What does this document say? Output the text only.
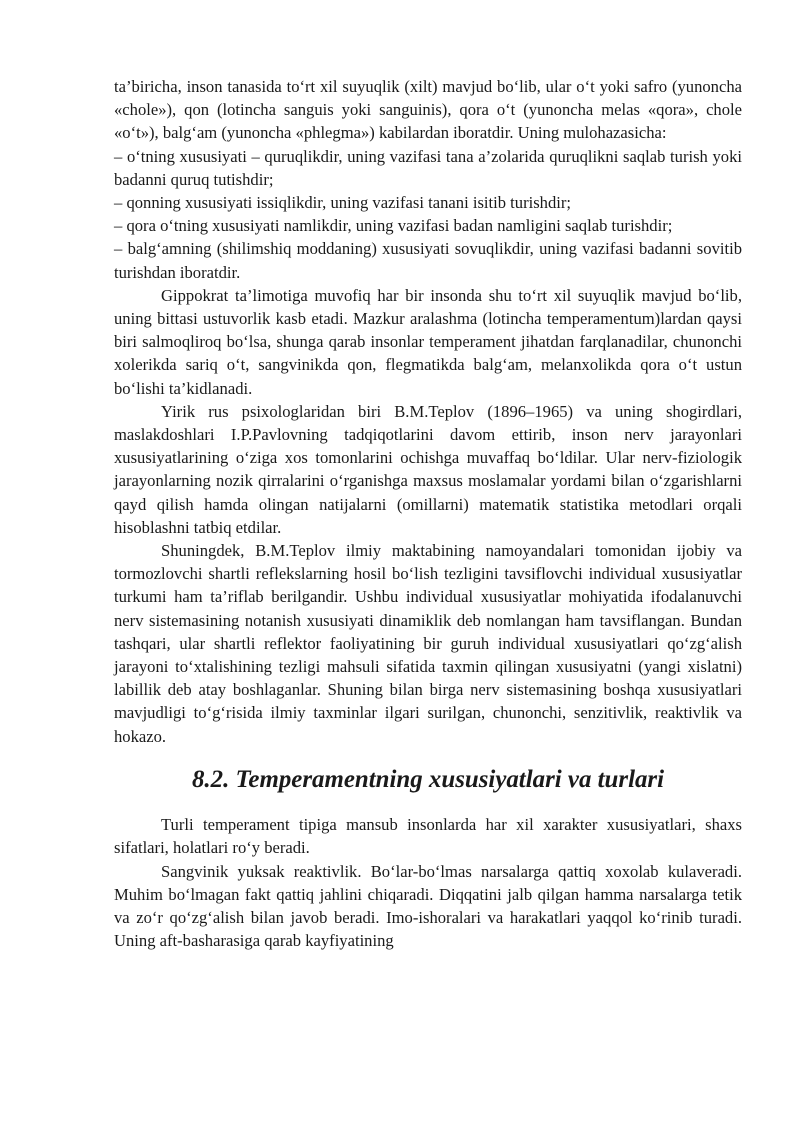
ta’biricha, inson tanasida to‘rt xil suyuqlik (xilt) mavjud bo‘lib, ular o‘t yoki safro (yunoncha «chole»), qon (lotincha sanguis yoki sanguinis), qora o‘t (yunoncha melas «qora», chole «o‘t»), balg‘am (yunoncha «phlegma») kabilardan iboratdir. Uning mulohazasicha:

– o‘tning xususiyati – quruqlikdir, uning vazifasi tana a’zolarida quruqlikni saqlab turish yoki badanni quruq tutishdir;

– qonning xususiyati issiqlikdir, uning vazifasi tanani isitib turishdir;

– qora o‘tning xususiyati namlikdir, uning vazifasi badan namligini saqlab turishdir;

– balg‘amning (shilimshiq moddaning) xususiyati sovuqlikdir, uning vazifasi badanni sovitib turishdan iboratdir.

Gippokrat ta’limotiga muvofiq har bir insonda shu to‘rt xil suyuqlik mavjud bo‘lib, uning bittasi ustuvorlik kasb etadi. Mazkur aralashma (lotincha temperamentum)lardan qaysi biri salmoqliroq bo‘lsa, shunga qarab insonlar temperament jihatdan farqlanadilar, chunonchi xolerikda sariq o‘t, sangvinikda qon, flegmatikda balg‘am, melanxolikda qora o‘t ustun bo‘lishi ta’kidlanadi.

Yirik rus psixologlaridan biri B.M.Teplov (1896–1965) va uning shogirdlari, maslakdoshlari I.P.Pavlovning tadqiqotlarini davom ettirib, inson nerv jarayonlari xususiyatlarining o‘ziga xos tomonlarini ochishga muvaffaq bo‘ldilar. Ular nerv-fiziologik jarayonlarning nozik qirralarini o‘rganishga maxsus moslamalar yordami bilan o‘zgarishlarni qayd qilish hamda olingan natijalarni (omillarni) matematik statistika metodlari orqali hisoblashni tatbiq etdilar.

Shuningdek, B.M.Teplov ilmiy maktabining namoyandalari tomonidan ijobiy va tormozlovchi shartli reflekslarning hosil bo‘lish tezligini tavsiflovchi individual xususiyatlar turkumi ham ta’riflab berilgandir. Ushbu individual xususiyatlar mohiyatida ifodalanuvchi nerv sistemasining notanish xususiyati dinamiklik deb nomlangan ham tavsiflangan. Bundan tashqari, ular shartli reflektor faoliyatining bir guruh individual xususiyatlari qo‘zg‘alish jarayoni to‘xtalishining tezligi mahsuli sifatida taxmin qilingan xususiyatni (yangi xislatni) labillik deb atay boshlaganlar. Shuning bilan birga nerv sistemasining boshqa xususiyatlari mavjudligi to‘g‘risida ilmiy taxminlar ilgari surilgan, chunonchi, senzitivlik, reaktivlik va hokazo.

8.2. Temperamentning xususiyatlari va turlari

Turli temperament tipiga mansub insonlarda har xil xarakter xususiyatlari, shaxs sifatlari, holatlari ro‘y beradi.

Sangvinik yuksak reaktivlik. Bo‘lar-bo‘lmas narsalarga qattiq xoxolab kulaveradi. Muhim bo‘lmagan fakt qattiq jahlini chiqaradi. Diqqatini jalb qilgan hamma narsalarga tetik va zo‘r qo‘zg‘alish bilan javob beradi. Imo-ishoralari va harakatlari yaqqol ko‘rinib turadi. Uning aft-basharasiga qarab kayfiyatining
